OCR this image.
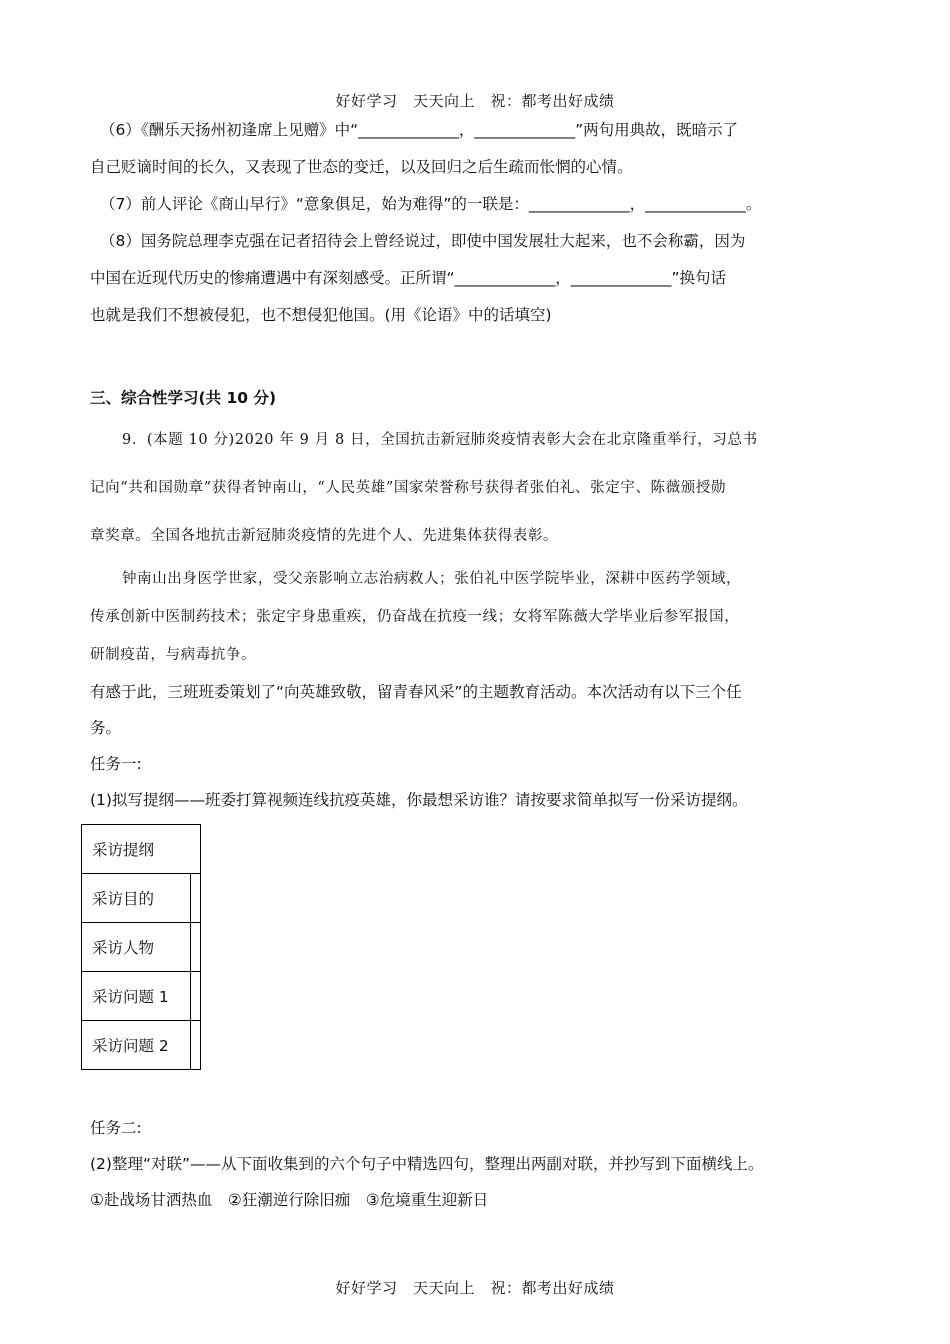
好好学习　天天向上　祝：都考出好成绩

（6）《酬乐天扬州初逢席上见赠》中“_____________，_____________”两句用典故，既暗示了

自己贬谪时间的长久，又表现了世态的变迁，以及回归之后生疏而怅惘的心情。

（7）前人评论《商山早行》“意象俱足，始为难得”的一联是：_____________，_____________。

（8）国务院总理李克强在记者招待会上曾经说过，即使中国发展壮大起来，也不会称霸，因为

中国在近现代历史的惨痛遭遇中有深刻感受。正所谓“_____________，_____________”换句话

也就是我们不想被侵犯，也不想侵犯他国。(用《论语》中的话填空)

三、综合性学习(共 10 分)

9．(本题 10 分)2020 年 9 月 8 日，全国抗击新冠肺炎疫情表彰大会在北京隆重举行，习总书

记向“共和国勋章”获得者钟南山，“人民英雄”国家荣誉称号获得者张伯礼、张定宇、陈薇颁授勋

章奖章。全国各地抗击新冠肺炎疫情的先进个人、先进集体获得表彰。

钟南山出身医学世家，受父亲影响立志治病救人；张伯礼中医学院毕业，深耕中医药学领域，

传承创新中医制药技术；张定宇身患重疾，仍奋战在抗疫一线；女将军陈薇大学毕业后参军报国，

研制疫苗，与病毒抗争。

有感于此，三班班委策划了“向英雄致敬，留青春风采”的主题教育活动。本次活动有以下三个任

务。

任务一:

(1)拟写提纲——班委打算视频连线抗疫英雄，你最想采访谁？请按要求简单拟写一份采访提纲。

采访提纲	
采访目的	
采访人物	
采访问题 1	
采访问题 2	

任务二:

(2)整理“对联”——从下面收集到的六个句子中精选四句，整理出两副对联，并抄写到下面横线上。

①赴战场甘洒热血　②狂潮逆行除旧痂　③危境重生迎新日

好好学习　天天向上　祝：都考出好成绩
